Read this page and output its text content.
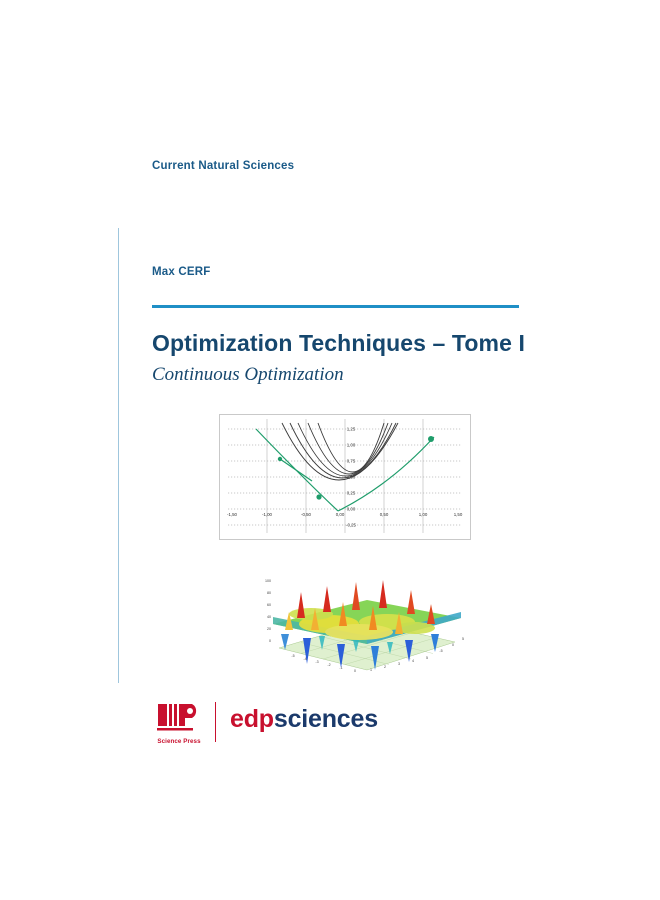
Current Natural Sciences
Max CERF
Optimization Techniques – Tome I
Continuous Optimization
1,25
1,00
0,75
0,50
0,25
0,00
-0,25
-1,50	-1,00	-0,50	0,00	0,50	1,00	1,50
100
80
60
40
20
0
-5
-4
-3
-2
-1
0	1
2
3
4
5
-5
0
5
Science Press
edpsciences
